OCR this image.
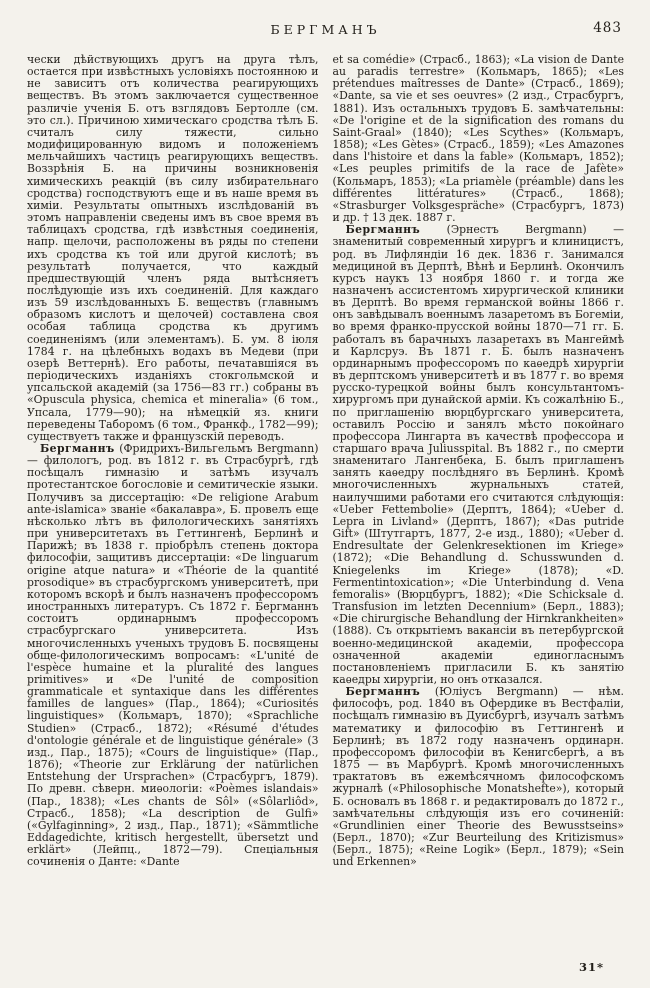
БЕРГМАНЪ	483

чески дѣйствующихъ другъ на друга тѣлъ, остается при извѣстныхъ условіяхъ постоянною и не зависитъ отъ количества реагирующихъ веществъ. Въ этомъ заключается существенное различіе ученія Б. отъ взглядовъ Бертолле (см. это сл.). Причиною химическаго сродства тѣлъ Б. считалъ силу тяжести, сильно модифицированную видомъ и положеніемъ мельчайшихъ частицъ реагирующихъ веществъ. Воззрѣнія Б. на причины возникновенія химическихъ реакцій (въ силу избирательнаго сродства) господствуютъ еще и въ наше время въ химіи. Результаты опытныхъ изслѣдованій въ этомъ направленіи сведены имъ въ свое время въ таблицахъ сродства, гдѣ извѣстныя соединенія, напр. щелочи, расположены въ ряды по степени ихъ сродства къ той или другой кислотѣ; въ результатѣ получается, что каждый предшествующій членъ ряда вытѣсняетъ послѣдующіе изъ ихъ соединеній. Для каждаго изъ 59 изслѣдованныхъ Б. веществъ (главнымъ образомъ кислотъ и щелочей) составлена своя особая таблица сродства къ другимъ соединеніямъ (или элементамъ). Б. ум. 8 іюля 1784 г. на цѣлебныхъ водахъ въ Медеви (при озерѣ Веттернѣ). Его работы, печатавшіяся въ періодическихъ изданіяхъ стокгольмской и упсальской академій (за 1756—83 гг.) собраны въ «Opuscula physica, chemica et mineralia» (6 том., Упсала, 1779—90); на нѣмецкій яз. книги переведены Таборомъ (6 том., Франкф., 1782—99); существуетъ также и французскій переводъ.

Бергманнъ (Фридрихъ-Вильгельмъ Bergmann) — филологъ, род. въ 1812 г. въ Страсбургѣ, гдѣ посѣщалъ гимназію и затѣмъ изучалъ протестантское богословіе и семитическіе языки. Получивъ за диссертацію: «De religione Arabum ante-islamica» званіе «бакалавра», Б. провелъ еще нѣсколько лѣтъ въ филологическихъ занятіяхъ при университетахъ въ Геттингенѣ, Берлинѣ и Парижѣ; въ 1838 г. пріобрѣлъ степень доктора философіи, защитивъ диссертаціи: «De linguarum origine atque natura» и «Théorie de la quantité prosodique» въ страсбургскомъ университетѣ, при которомъ вскорѣ и былъ назначенъ профессоромъ иностранныхъ литературъ. Съ 1872 г. Бергманнъ состоитъ ординарнымъ профессоромъ страсбургскаго университета. Изъ многочисленныхъ ученыхъ трудовъ Б. посвящены обще-филологическимъ вопросамъ: «L'unité de l'espèce humaine et la pluralité des langues primitives» и «De l'unité de composition grammaticale et syntaxique dans les différentes familles de langues» (Пар., 1864); «Curiosités linguistiques» (Кольмаръ, 1870); «Sprachliche Studien» (Страсб., 1872); «Résumé d'études d'ontologie générale et de linguistique générale» (3 изд., Пар., 1875); «Cours de linguistique» (Пар., 1876); «Theorie zur Erklärung der natürlichen Entstehung der Ursprachen» (Страсбургъ, 1879). По древн. сѣверн. миѳологіи: «Poèmes islandais» (Пар., 1838); «Les chants de Sôl» («Sôlarliôd», Страсб., 1858); «La description de Gulfi» («Gylfaginning», 2 изд., Пар., 1871); «Sämmtliche Eddagedichte, kritisch hergestellt, übersetzt und erklärt» (Лейпц., 1872—79). Спеціальныя сочиненія о Данте: «Dante

et sa comédie» (Страсб., 1863); «La vision de Dante au paradis terrestre» (Кольмаръ, 1865); «Les prétendues maîtresses de Dante» (Страсб., 1869); «Dante, sa vie et ses oeuvres» (2 изд., Страсбургъ, 1881). Изъ остальныхъ трудовъ Б. замѣчательны: «De l'origine et de la signification des romans du Saint-Graal» (1840); «Les Scythes» (Кольмаръ, 1858); «Les Gètes» (Страсб., 1859); «Les Amazones dans l'histoire et dans la fable» (Кольмаръ, 1852); «Les peuples primitifs de la race de Jafète» (Кольмаръ, 1853); «La priamèle (préamble) dans les différentes littératures» (Страсб., 1868); «Strasburger Volksgespräche» (Страсбургъ, 1873) и др. † 13 дек. 1887 г.

Бергманнъ (Эрнестъ Bergmann) — знаменитый современный хирургъ и клиницистъ, род. въ Лифляндіи 16 дек. 1836 г. Занимался медициной въ Дерптѣ, Вѣнѣ и Берлинѣ. Окончилъ курсъ наукъ 13 ноября 1860 г. и тогда же назначенъ ассистентомъ хирургической клиники въ Дерптѣ. Во время германской войны 1866 г. онъ завѣдывалъ военнымъ лазаретомъ въ Богеміи, во время франко-прусской войны 1870—71 гг. Б. работалъ въ барачныхъ лазаретахъ въ Мангеймѣ и Карлсруэ. Въ 1871 г. Б. былъ назначенъ ординарнымъ профессоромъ по каѳедрѣ хирургіи въ дерптскомъ университетѣ и въ 1877 г. во время русско-турецкой войны былъ консультантомъ-хирургомъ при дунайской арміи. Къ сожалѣнію Б., по приглашенію вюрцбургскаго университета, оставилъ Россію и занялъ мѣсто покойнаго профессора Лингарта въ качествѣ профессора и старшаго врача Juliusspital. Въ 1882 г., по смерти знаменитаго Лангенбека, Б. былъ приглашенъ занять каѳедру послѣдняго въ Берлинѣ. Кромѣ многочисленныхъ журнальныхъ статей, наилучшими работами его считаются слѣдующія: «Ueber Fettembolie» (Дерптъ, 1864); «Ueber d. Lepra in Livland» (Дерптъ, 1867); «Das putride Gift» (Штутгартъ, 1877, 2-е изд., 1880); «Ueber d. Endresultate der Gelenkresektionen im Kriege» (1872); «Die Behandlung d. Schusswunden d. Kniegelenks im Kriege» (1878); «D. Fermentintoxication»; «Die Unterbindung d. Vena femoralis» (Вюрцбургъ, 1882); «Die Schicksale d. Transfusion im letzten Decennium» (Берл., 1883); «Die chirurgische Behandlung der Hirnkrankheiten» (1888). Съ открытіемъ вакансіи въ петербургской военно-медицинской академіи, профессора означенной академіи единогласнымъ постановленіемъ пригласили Б. къ занятію каѳедры хирургіи, но онъ отказался.

Бергманнъ (Юліусъ Bergmann) — нѣм. философъ, род. 1840 въ Офердике въ Вестфаліи, посѣщалъ гимназію въ Дуисбургѣ, изучалъ затѣмъ математику и философію въ Геттингенѣ и Берлинѣ; въ 1872 году назначенъ ординарн. профессоромъ философіи въ Кенигсбергѣ, а въ 1875 — въ Марбургѣ. Кромѣ многочисленныхъ трактатовъ въ ежемѣсячномъ философскомъ журналѣ («Philosophische Monatshefte»), который Б. основалъ въ 1868 г. и редактировалъ до 1872 г., замѣчательны слѣдующія изъ его сочиненій: «Grundlinien einer Theorie des Bewusstseins» (Берл., 1870); «Zur Beurteilung des Kritizismus» (Берл., 1875); «Reine Logik» (Берл., 1879); «Sein und Erkennen»

31*
